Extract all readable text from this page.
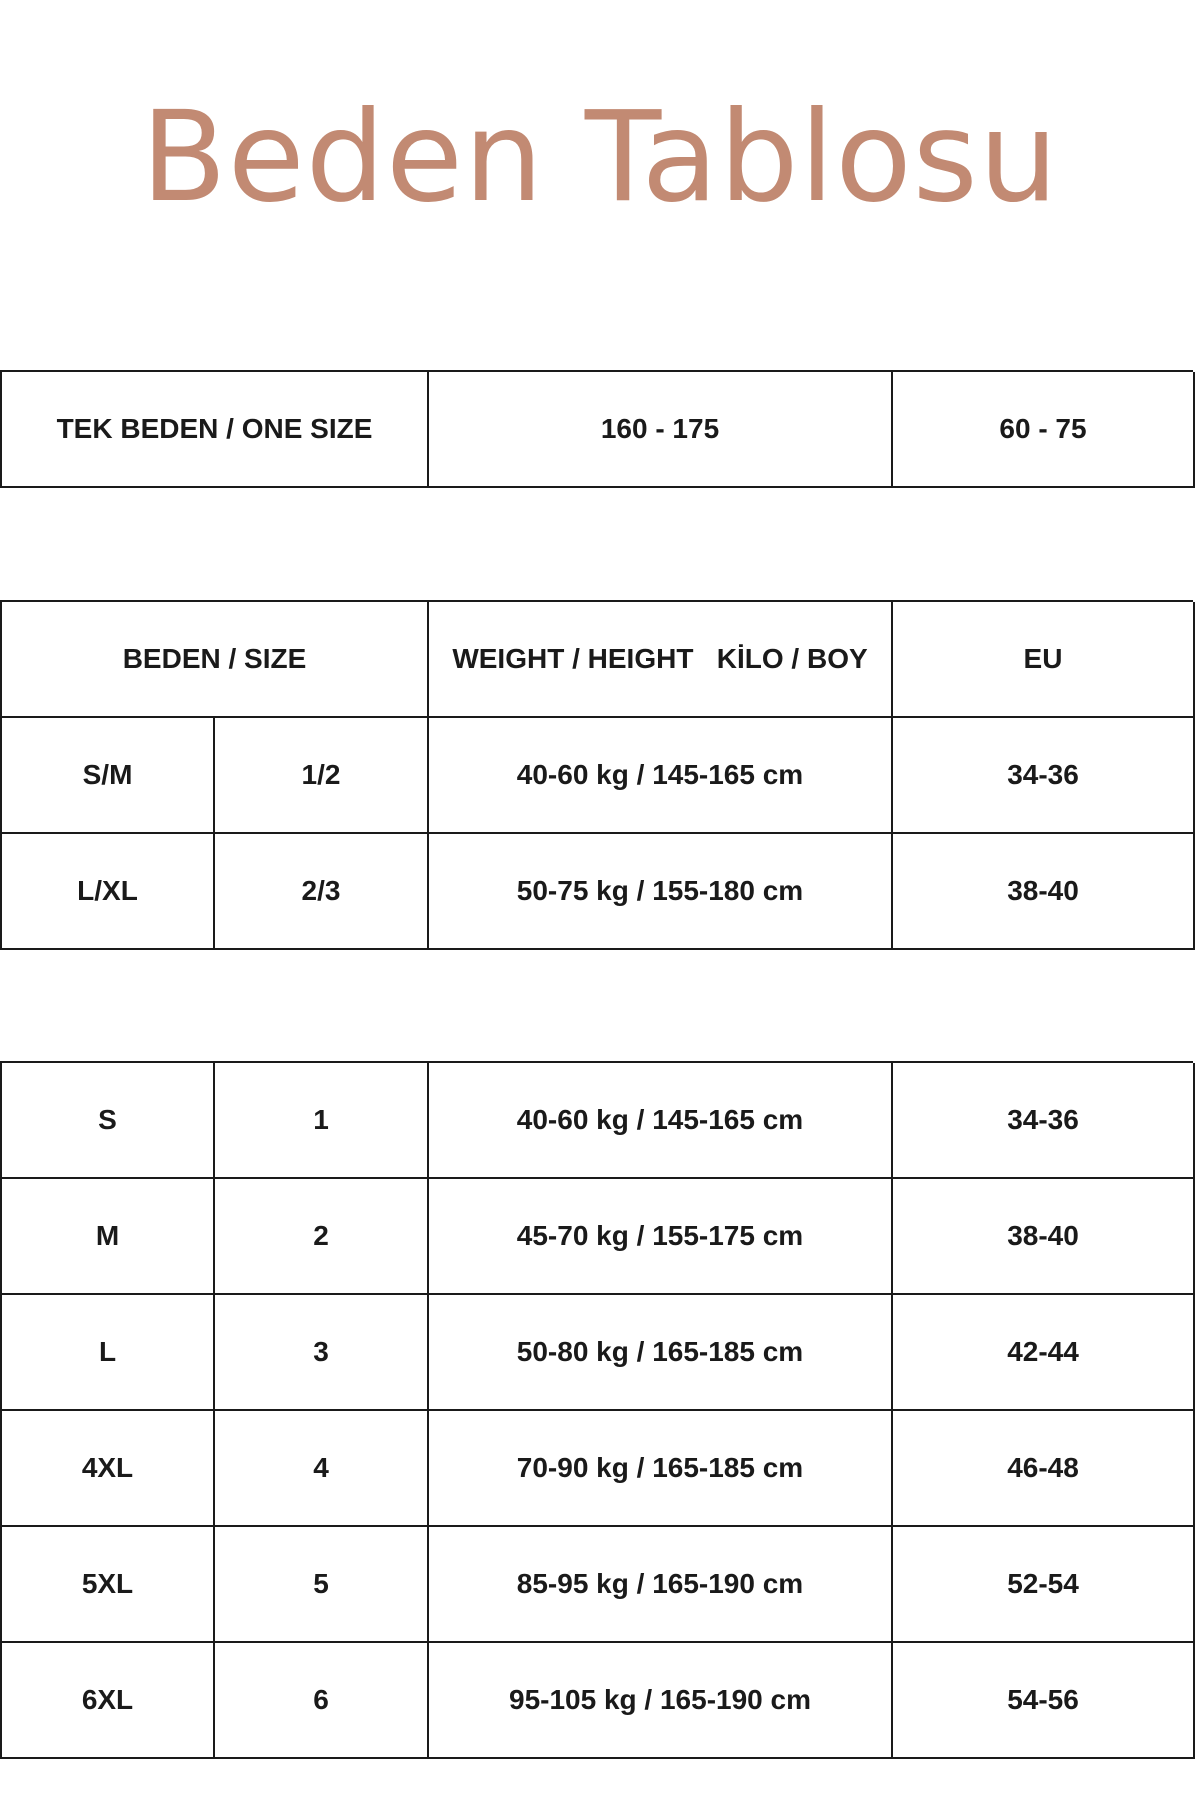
Beden Tablosu
TEK BEDEN / ONE SIZE	160 - 175	60 - 75
BEDEN / SIZE	WEIGHT / HEIGHT   KİLO / BOY	EU
S/M	1/2	40-60 kg / 145-165 cm	34-36
L/XL	2/3	50-75 kg / 155-180 cm	38-40
S	1	40-60 kg / 145-165 cm	34-36
M	2	45-70 kg / 155-175 cm	38-40
L	3	50-80 kg / 165-185 cm	42-44
4XL	4	70-90 kg / 165-185 cm	46-48
5XL	5	85-95 kg / 165-190 cm	52-54
6XL	6	95-105 kg / 165-190 cm	54-56
